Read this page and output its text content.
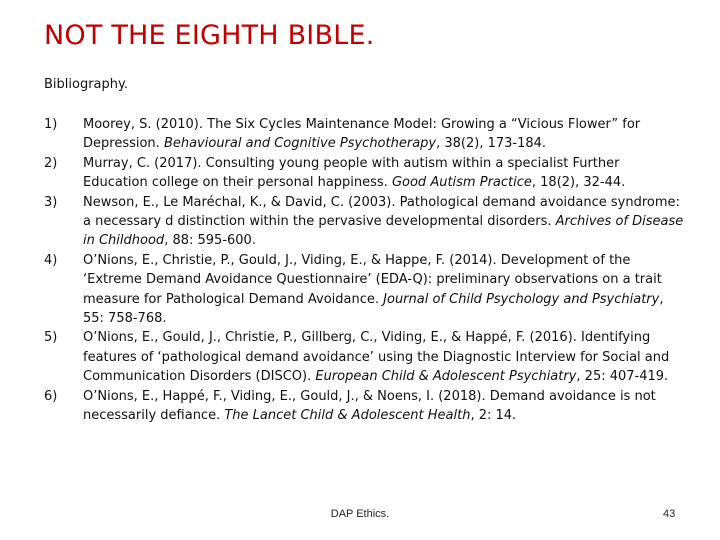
NOT THE EIGHTH BIBLE.

Bibliography.

1)	Moorey, S. (2010). The Six Cycles Maintenance Model: Growing a “Vicious Flower” for Depression. Behavioural and Cognitive Psychotherapy, 38(2), 173-184.
2)	Murray, C. (2017). Consulting young people with autism within a specialist Further Education college on their personal happiness. Good Autism Practice, 18(2), 32-44.
3)	Newson, E., Le Maréchal, K., & David, C. (2003). Pathological demand avoidance syndrome: a necessary d distinction within the pervasive developmental disorders. Archives of Disease in Childhood, 88: 595-600.
4)	O’Nions, E., Christie, P., Gould, J., Viding, E., & Happe, F. (2014). Development of the ‘Extreme Demand Avoidance Questionnaire’ (EDA-Q): preliminary observations on a trait measure for Pathological Demand Avoidance. Journal of Child Psychology and Psychiatry, 55: 758-768.
5)	O’Nions, E., Gould, J., Christie, P., Gillberg, C., Viding, E., & Happé, F. (2016). Identifying features of ‘pathological demand avoidance’ using the Diagnostic Interview for Social and Communication Disorders (DISCO). European Child & Adolescent Psychiatry, 25: 407-419.
6)	O’Nions, E., Happé, F., Viding, E., Gould, J., & Noens, I. (2018). Demand avoidance is not necessarily defiance. The Lancet Child & Adolescent Health, 2: 14.
DAP Ethics.	43
